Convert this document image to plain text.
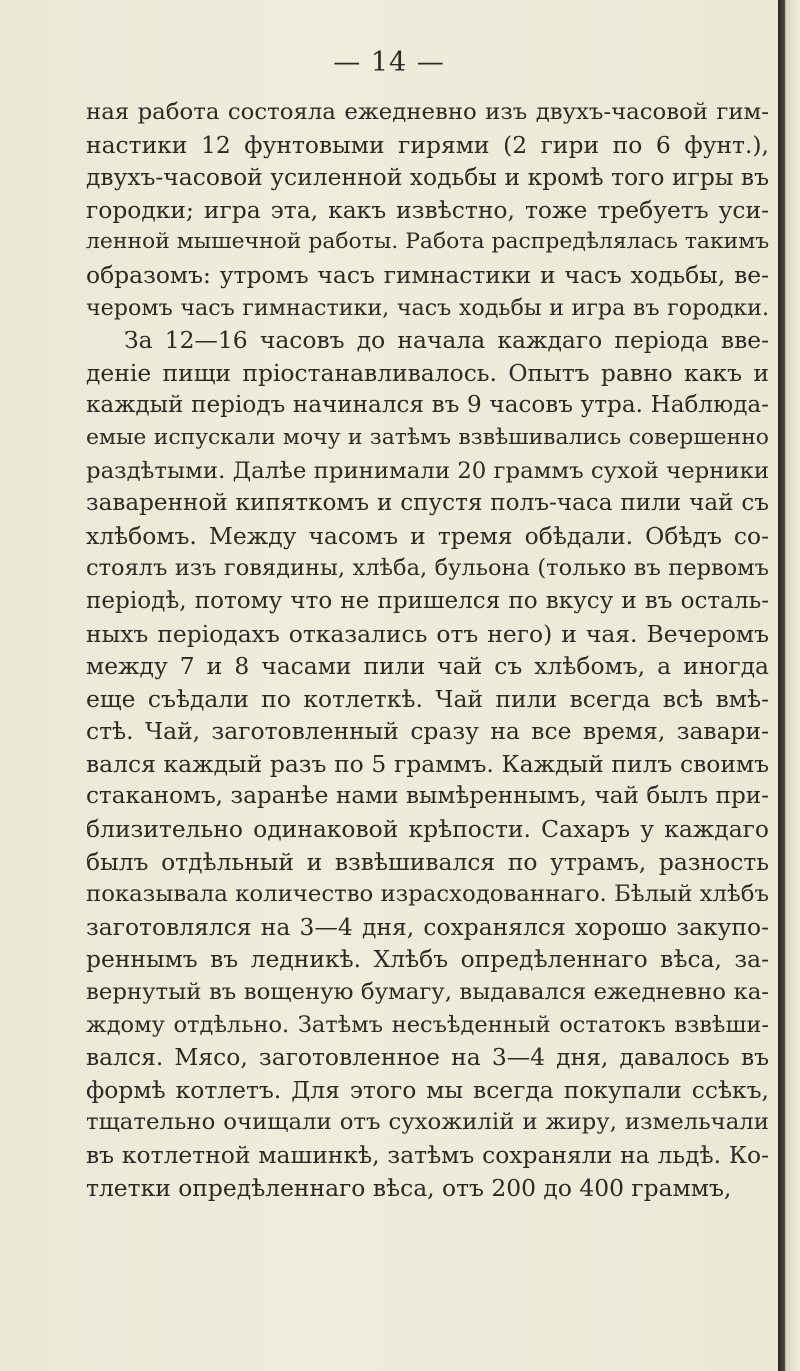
— 14 —
ная работа состояла ежедневно изъ двухъ-часовой гим-
настики 12 фунтовыми гирями (2 гири по 6 фунт.),
двухъ-часовой усиленной ходьбы и кромѣ того игры въ
городки; игра эта, какъ извѣстно, тоже требуетъ уси-
ленной мышечной работы. Работа распредѣлялась такимъ
образомъ: утромъ часъ гимнастики и часъ ходьбы, ве-
черомъ часъ гимнастики, часъ ходьбы и игра въ городки.
За 12—16 часовъ до начала каждаго періода вве-
деніе пищи пріостанавливалось. Опытъ равно какъ и
каждый періодъ начинался въ 9 часовъ утра. Наблюда-
емые испускали мочу и затѣмъ взвѣшивались совершенно
раздѣтыми. Далѣе принимали 20 граммъ сухой черники
заваренной кипяткомъ и спустя полъ-часа пили чай съ
хлѣбомъ. Между часомъ и тремя обѣдали. Обѣдъ со-
стоялъ изъ говядины, хлѣба, бульона (только въ первомъ
періодѣ, потому что не пришелся по вкусу и въ осталь-
ныхъ періодахъ отказались отъ него) и чая. Вечеромъ
между 7 и 8 часами пили чай съ хлѣбомъ, а иногда
еще съѣдали по котлеткѣ. Чай пили всегда всѣ вмѣ-
стѣ. Чай, заготовленный сразу на все время, завари-
вался каждый разъ по 5 граммъ. Каждый пилъ своимъ
стаканомъ, заранѣе нами вымѣреннымъ, чай былъ при-
близительно одинаковой крѣпости. Сахаръ у каждаго
былъ отдѣльный и взвѣшивался по утрамъ, разность
показывала количество израсходованнаго. Бѣлый хлѣбъ
заготовлялся на 3—4 дня, сохранялся хорошо закупо-
реннымъ въ ледникѣ. Хлѣбъ опредѣленнаго вѣса, за-
вернутый въ вощеную бумагу, выдавался ежедневно ка-
ждому отдѣльно. Затѣмъ несъѣденный остатокъ взвѣши-
вался. Мясо, заготовленное на 3—4 дня, давалось въ
формѣ котлетъ. Для этого мы всегда покупали ссѣкъ,
тщательно очищали отъ сухожилій и жиру, измельчали
въ котлетной машинкѣ, затѣмъ сохраняли на льдѣ. Ко-
тлетки опредѣленнаго вѣса, отъ 200 до 400 граммъ,
